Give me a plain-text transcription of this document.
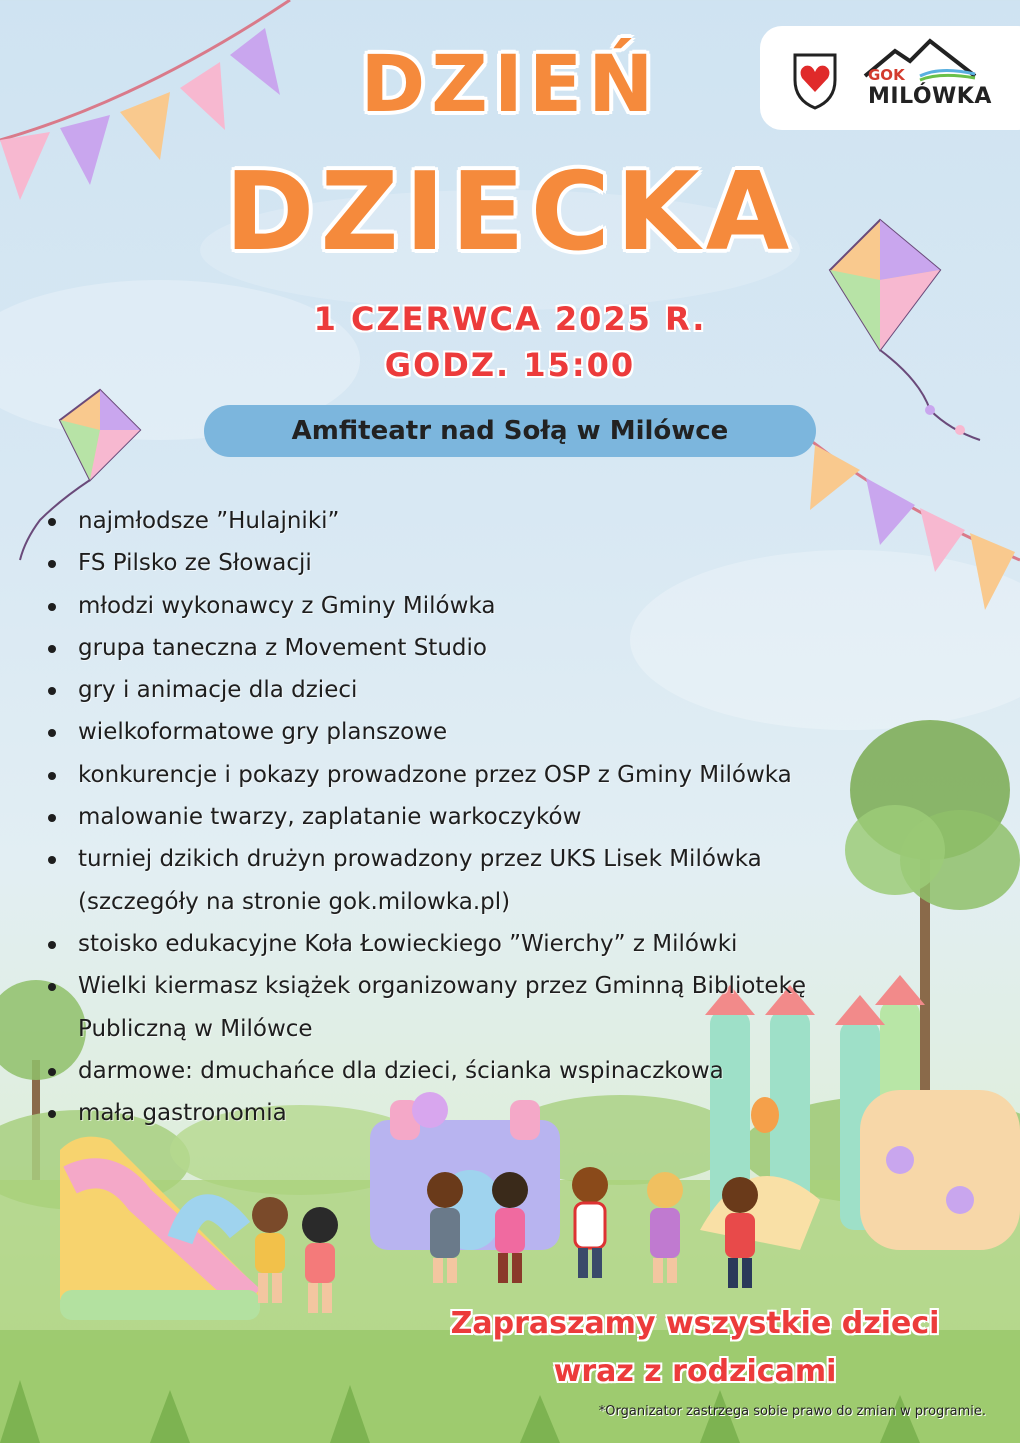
GOK
MILÓWKA
DZIEŃ
DZIECKA
1 CZERWCA 2025 R.
GODZ. 15:00
Amfiteatr nad Sołą w Milówce
najmłodsze ”Hulajniki”
FS Pilsko ze Słowacji
młodzi wykonawcy z Gminy Milówka
grupa taneczna z Movement Studio
gry i animacje dla dzieci
wielkoformatowe gry planszowe
konkurencje i pokazy prowadzone przez OSP z Gminy Milówka
malowanie twarzy, zaplatanie warkoczyków
turniej dzikich drużyn prowadzony przez UKS Lisek Milówka (szczegóły na stronie gok.milowka.pl)
stoisko edukacyjne Koła Łowieckiego ”Wierchy” z Milówki
Wielki kiermasz książek organizowany przez Gminną Bibliotekę Publiczną w Milówce
darmowe: dmuchańce dla dzieci, ścianka wspinaczkowa
mała gastronomia
Zapraszamy wszystkie dzieci
wraz z rodzicami
*Organizator zastrzega sobie prawo do zmian w programie.
